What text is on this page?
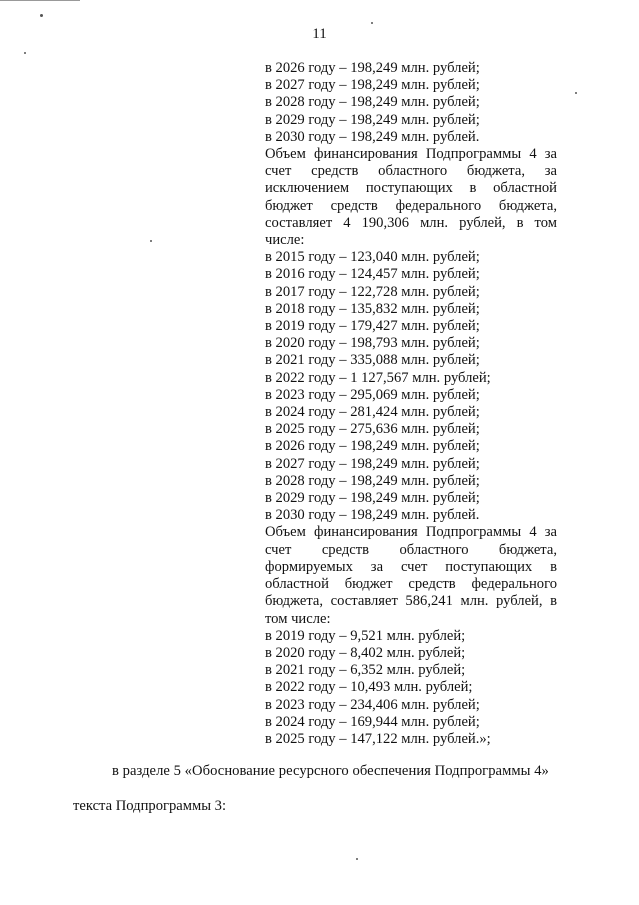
11
в 2026 году – 198,249 млн. рублей;
в 2027 году – 198,249 млн. рублей;
в 2028 году – 198,249 млн. рублей;
в 2029 году – 198,249 млн. рублей;
в 2030 году – 198,249 млн. рублей.
Объем финансирования Подпрограммы 4 за
счет средств областного бюджета, за
исключением поступающих в областной
бюджет средств федерального бюджета,
составляет 4 190,306 млн. рублей, в том
числе:
в 2015 году – 123,040 млн. рублей;
в 2016 году – 124,457 млн. рублей;
в 2017 году – 122,728 млн. рублей;
в 2018 году – 135,832 млн. рублей;
в 2019 году – 179,427 млн. рублей;
в 2020 году – 198,793 млн. рублей;
в 2021 году – 335,088 млн. рублей;
в 2022 году – 1 127,567 млн. рублей;
в 2023 году – 295,069 млн. рублей;
в 2024 году – 281,424 млн. рублей;
в 2025 году – 275,636 млн. рублей;
в 2026 году – 198,249 млн. рублей;
в 2027 году – 198,249 млн. рублей;
в 2028 году – 198,249 млн. рублей;
в 2029 году – 198,249 млн. рублей;
в 2030 году – 198,249 млн. рублей.
Объем финансирования Подпрограммы 4 за
счет средств областного бюджета,
формируемых за счет поступающих в
областной бюджет средств федерального
бюджета, составляет 586,241 млн. рублей, в
том числе:
в 2019 году – 9,521 млн. рублей;
в 2020 году – 8,402 млн. рублей;
в 2021 году – 6,352 млн. рублей;
в 2022 году – 10,493 млн. рублей;
в 2023 году – 234,406 млн. рублей;
в 2024 году – 169,944 млн. рублей;
в 2025 году – 147,122 млн. рублей.»;
в разделе 5 «Обоснование ресурсного обеспечения Подпрограммы 4»
текста Подпрограммы 3:
